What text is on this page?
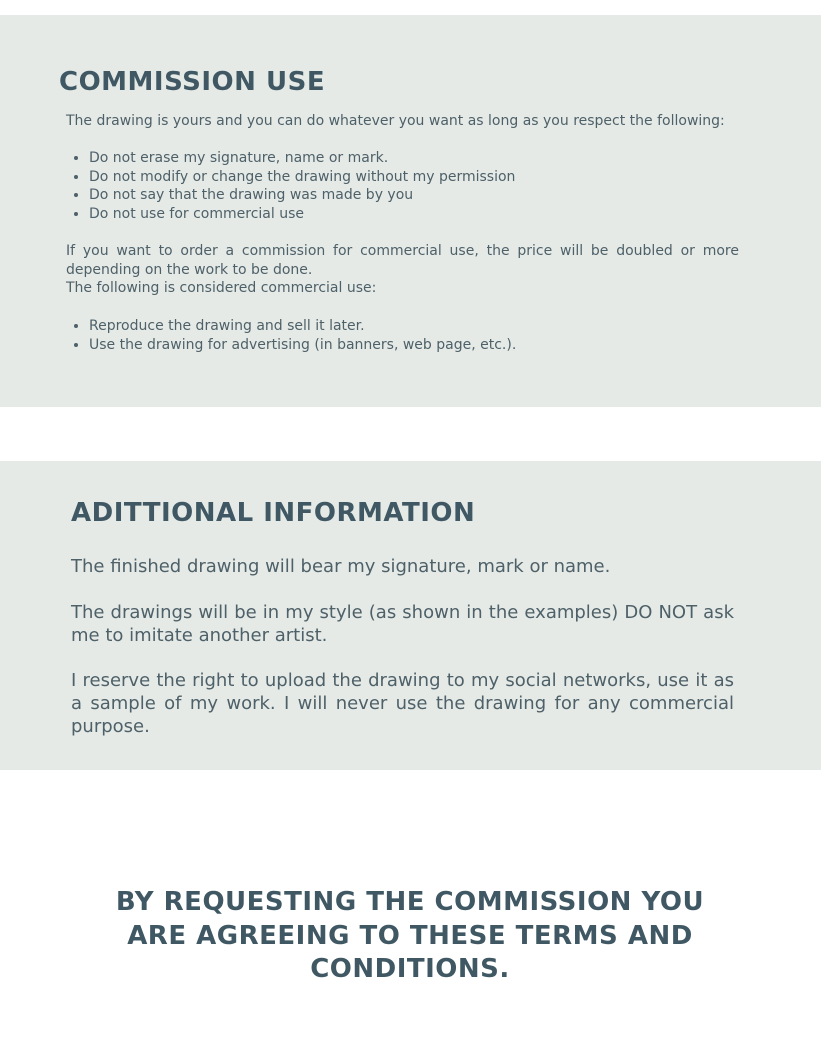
COMMISSION USE
The drawing is yours and you can do whatever you want as long as you respect the following:
• Do not erase my signature, name or mark.
• Do not modify or change the drawing without my permission
• Do not say that the drawing was made by you
• Do not use for commercial use

If you want to order a commission for commercial use, the price will be doubled or more depending on the work to be done.

The following is considered commercial use:

• Reproduce the drawing and sell it later.
• Use the drawing for advertising (in banners, web page, etc.).
ADITTIONAL INFORMATION

The finished drawing will bear my signature, mark or name.

The drawings will be in my style (as shown in the examples) DO NOT ask me to imitate another artist.

I reserve the right to upload the drawing to my social networks, use it as a sample of my work. I will never use the drawing for any commercial purpose.

BY REQUESTING THE COMMISSION YOU ARE AGREEING TO THESE TERMS AND CONDITIONS.
